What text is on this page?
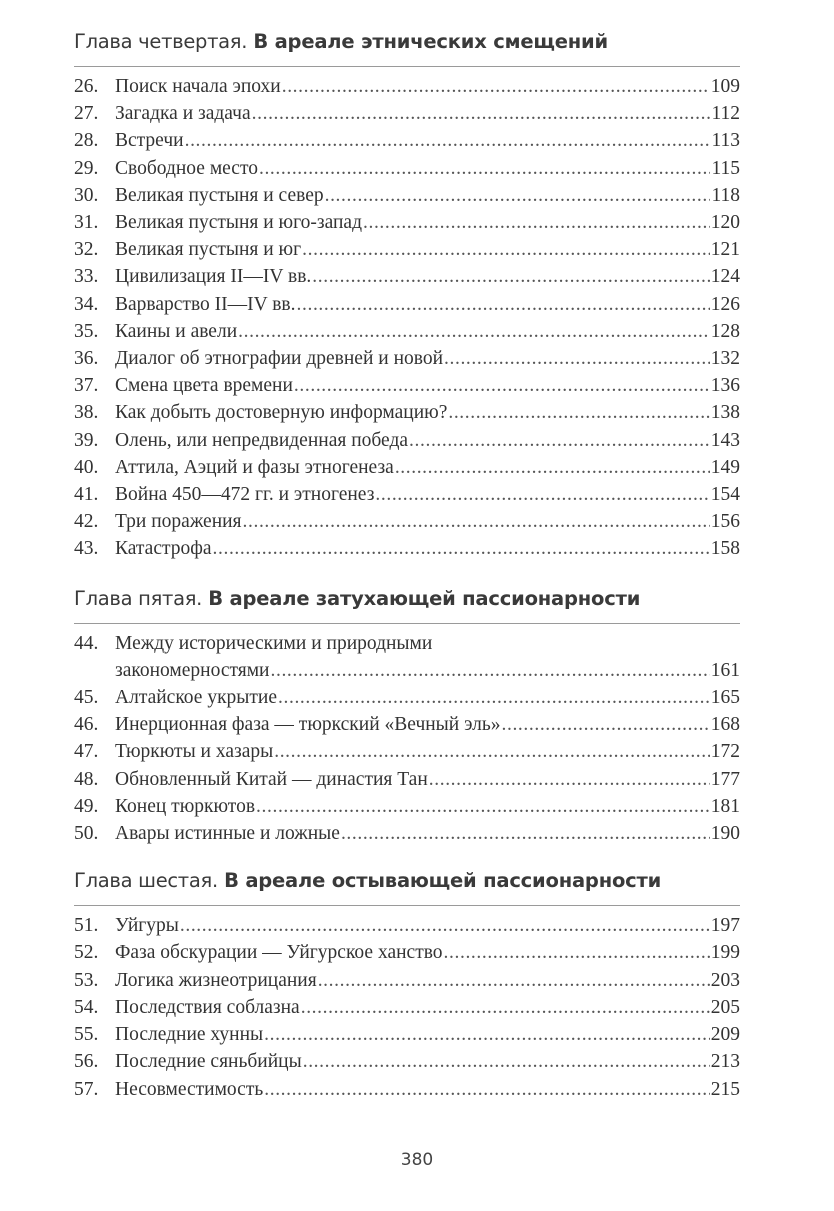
Глава четвертая. В ареале этнических смещений
26. Поиск начала эпохи .....	109
27. Загадка и задача .....	112
28. Встречи .....	113
29. Свободное место .....	115
30. Великая пустыня и север .....	118
31. Великая пустыня и юго-запад .....	120
32. Великая пустыня и юг .....	121
33. Цивилизация II—IV вв. .....	124
34. Варварство II—IV вв. .....	126
35. Каины и авели .....	128
36. Диалог об этнографии древней и новой .....	132
37. Смена цвета времени .....	136
38. Как добыть достоверную информацию? .....	138
39. Олень, или непредвиденная победа .....	143
40. Аттила, Аэций и фазы этногенеза .....	149
41. Война 450—472 гг. и этногенез .....	154
42. Три поражения .....	156
43. Катастрофа .....	158
Глава пятая. В ареале затухающей пассионарности
44. Между историческими и природными
закономерностями .....	161
45. Алтайское укрытие .....	165
46. Инерционная фаза — тюркский «Вечный эль» .....	168
47. Тюркюты и хазары .....	172
48. Обновленный Китай — династия Тан .....	177
49. Конец тюркютов .....	181
50. Авары истинные и ложные .....	190
Глава шестая. В ареале остывающей пассионарности
51. Уйгуры .....	197
52. Фаза обскурации — Уйгурское ханство .....	199
53. Логика жизнеотрицания .....	203
54. Последствия соблазна .....	205
55. Последние хунны .....	209
56. Последние сяньбийцы .....	213
57. Несовместимость .....	215
380
